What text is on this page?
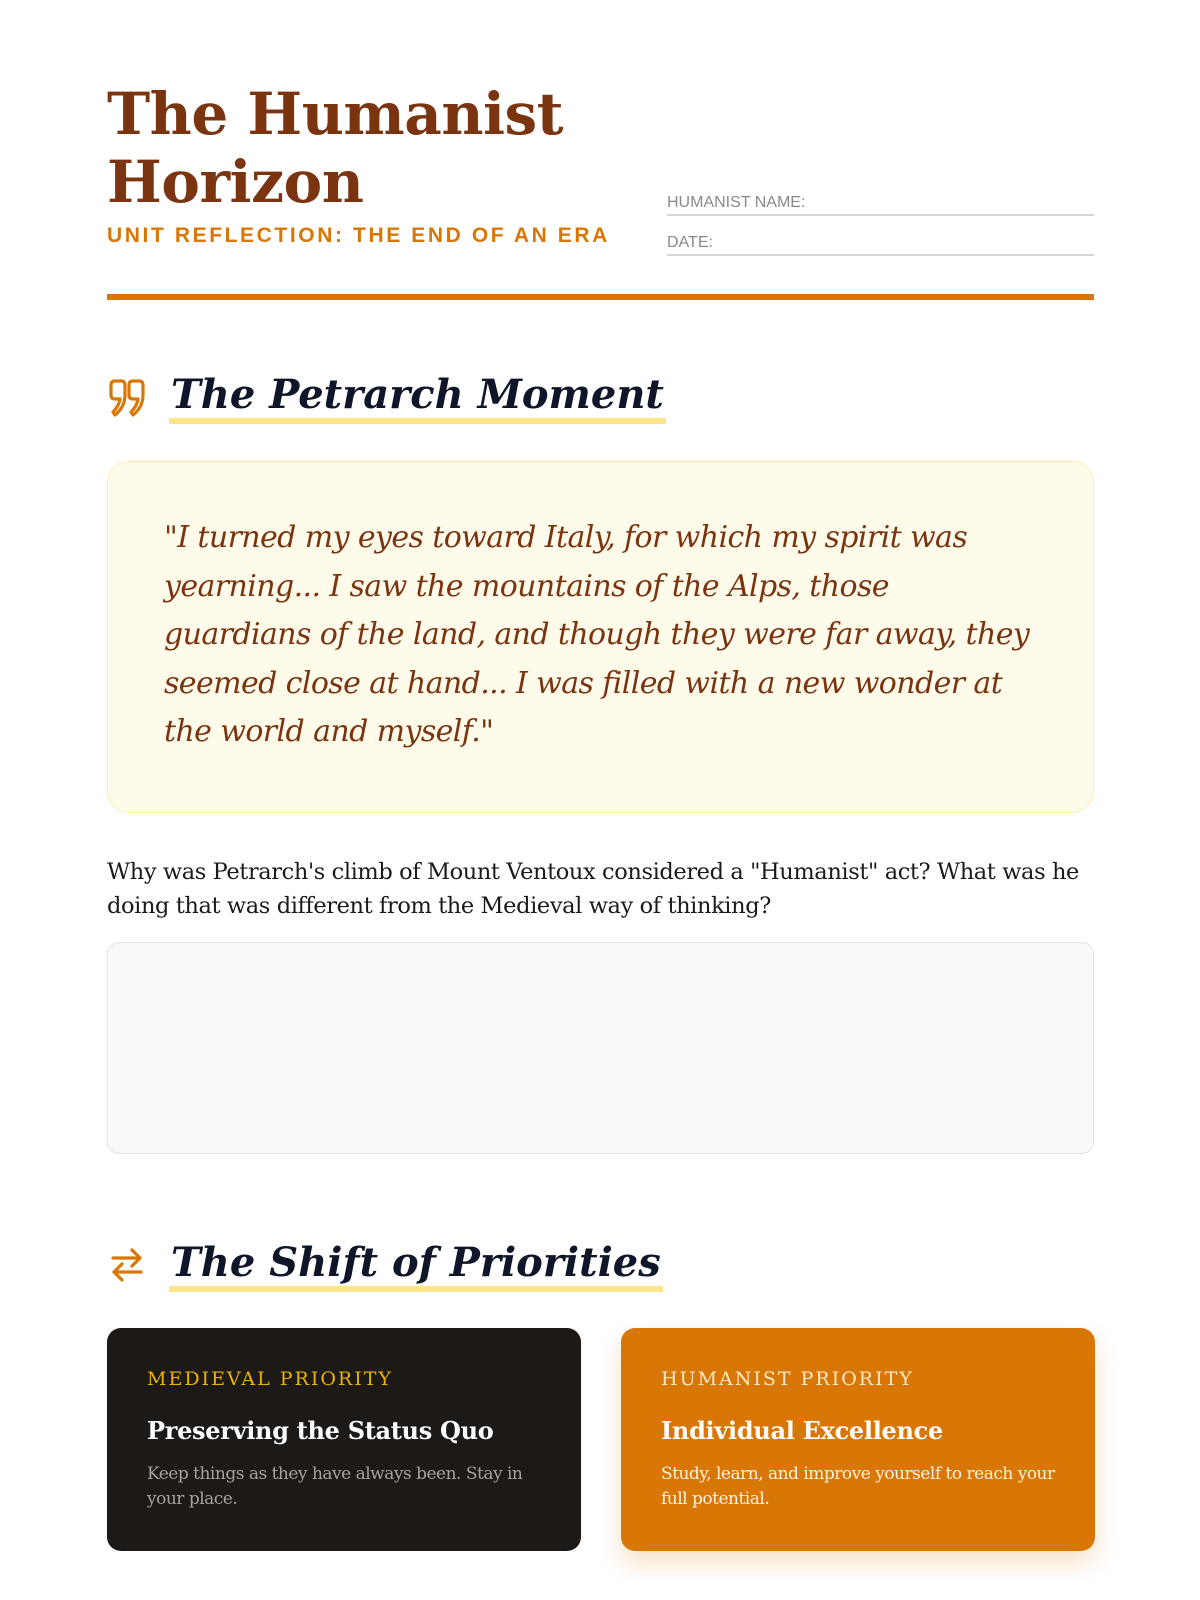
The Humanist Horizon
UNIT REFLECTION: THE END OF AN ERA
HUMANIST NAME:
DATE:
The Petrarch Moment

"I turned my eyes toward Italy, for which my spirit was yearning... I saw the mountains of the Alps, those guardians of the land, and though they were far away, they seemed close at hand... I was filled with a new wonder at the world and myself."

Why was Petrarch's climb of Mount Ventoux considered a "Humanist" act? What was he doing that was different from the Medieval way of thinking?

The Shift of Priorities
MEDIEVAL PRIORITY
Preserving the Status Quo
Keep things as they have always been. Stay in your place.
HUMANIST PRIORITY
Individual Excellence
Study, learn, and improve yourself to reach your full potential.
